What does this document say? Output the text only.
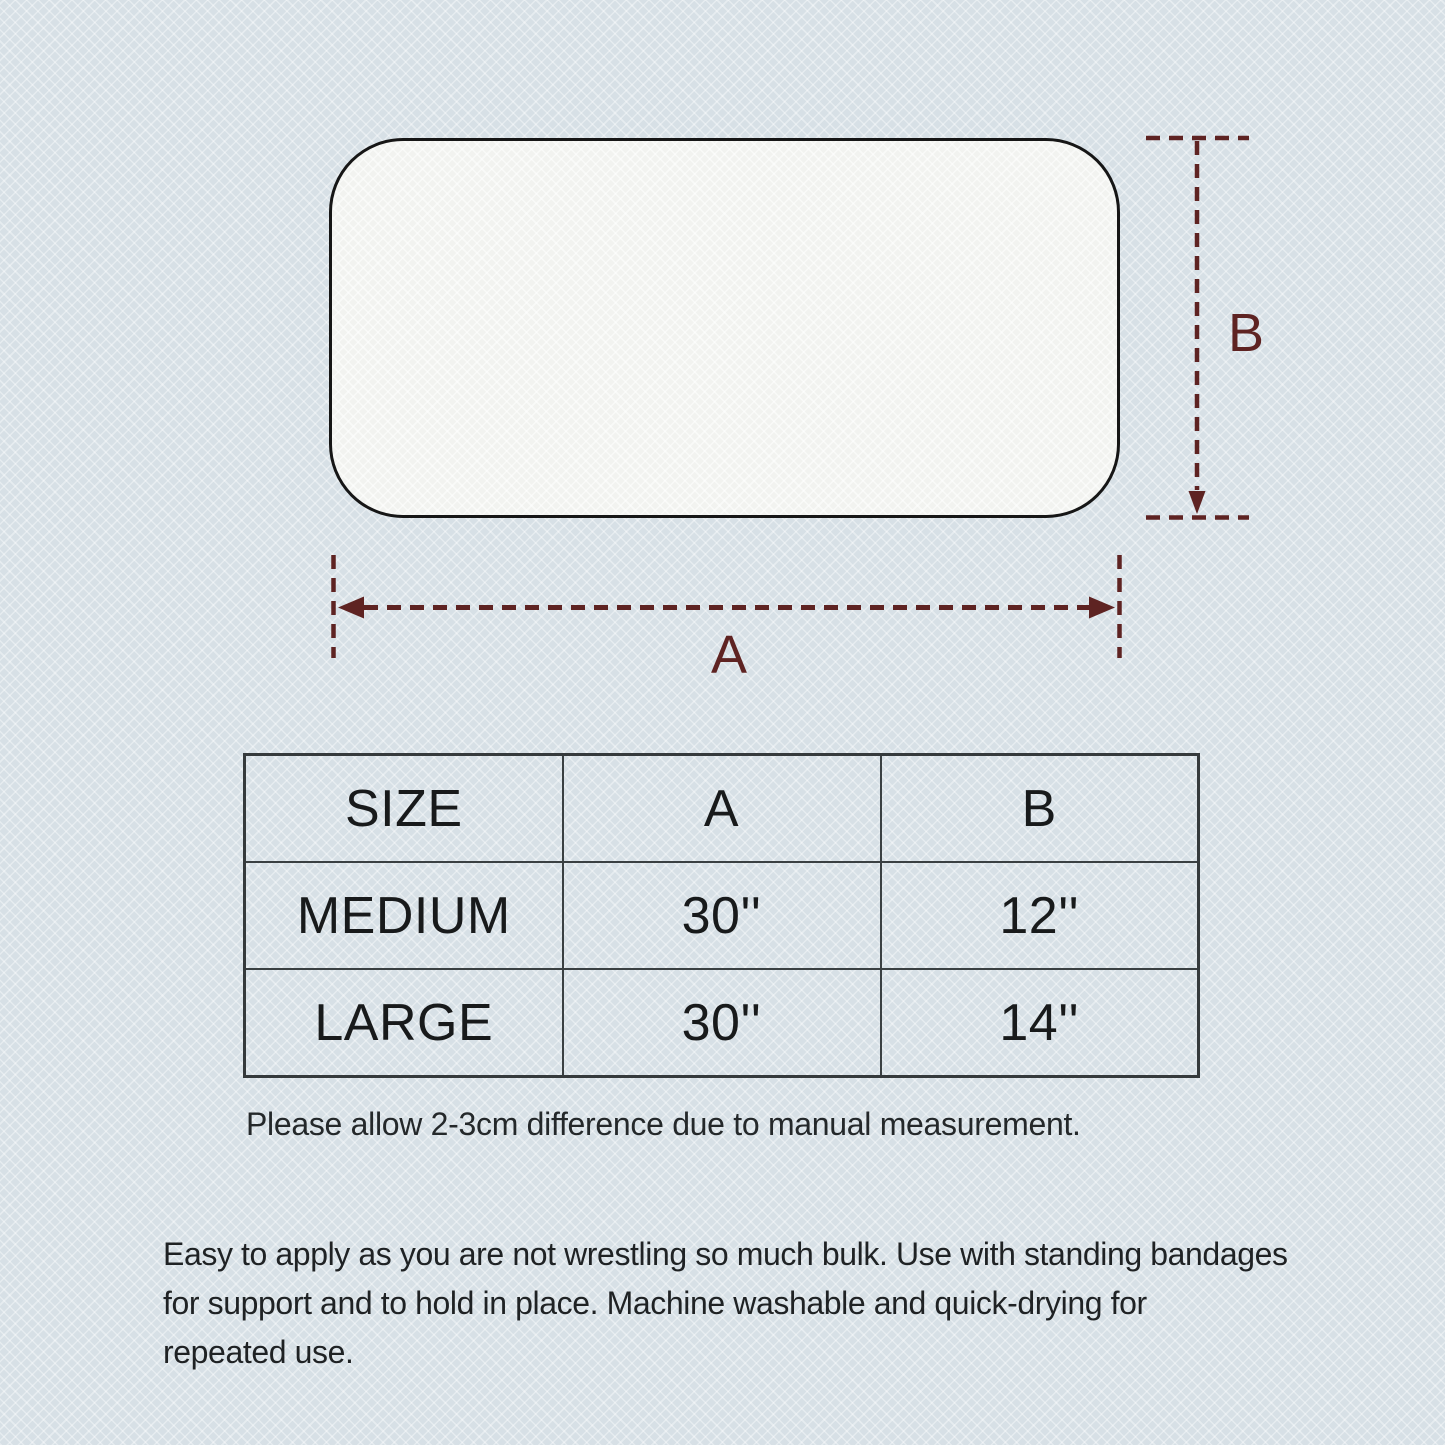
B
A
SIZE	A	B
MEDIUM	30''	12''
LARGE	30''	14''
Please allow 2-3cm difference due to manual measurement.
Easy to apply as you are not wrestling so much bulk. Use with standing bandages
for support and to hold in place. Machine washable and quick-drying for
repeated use.
